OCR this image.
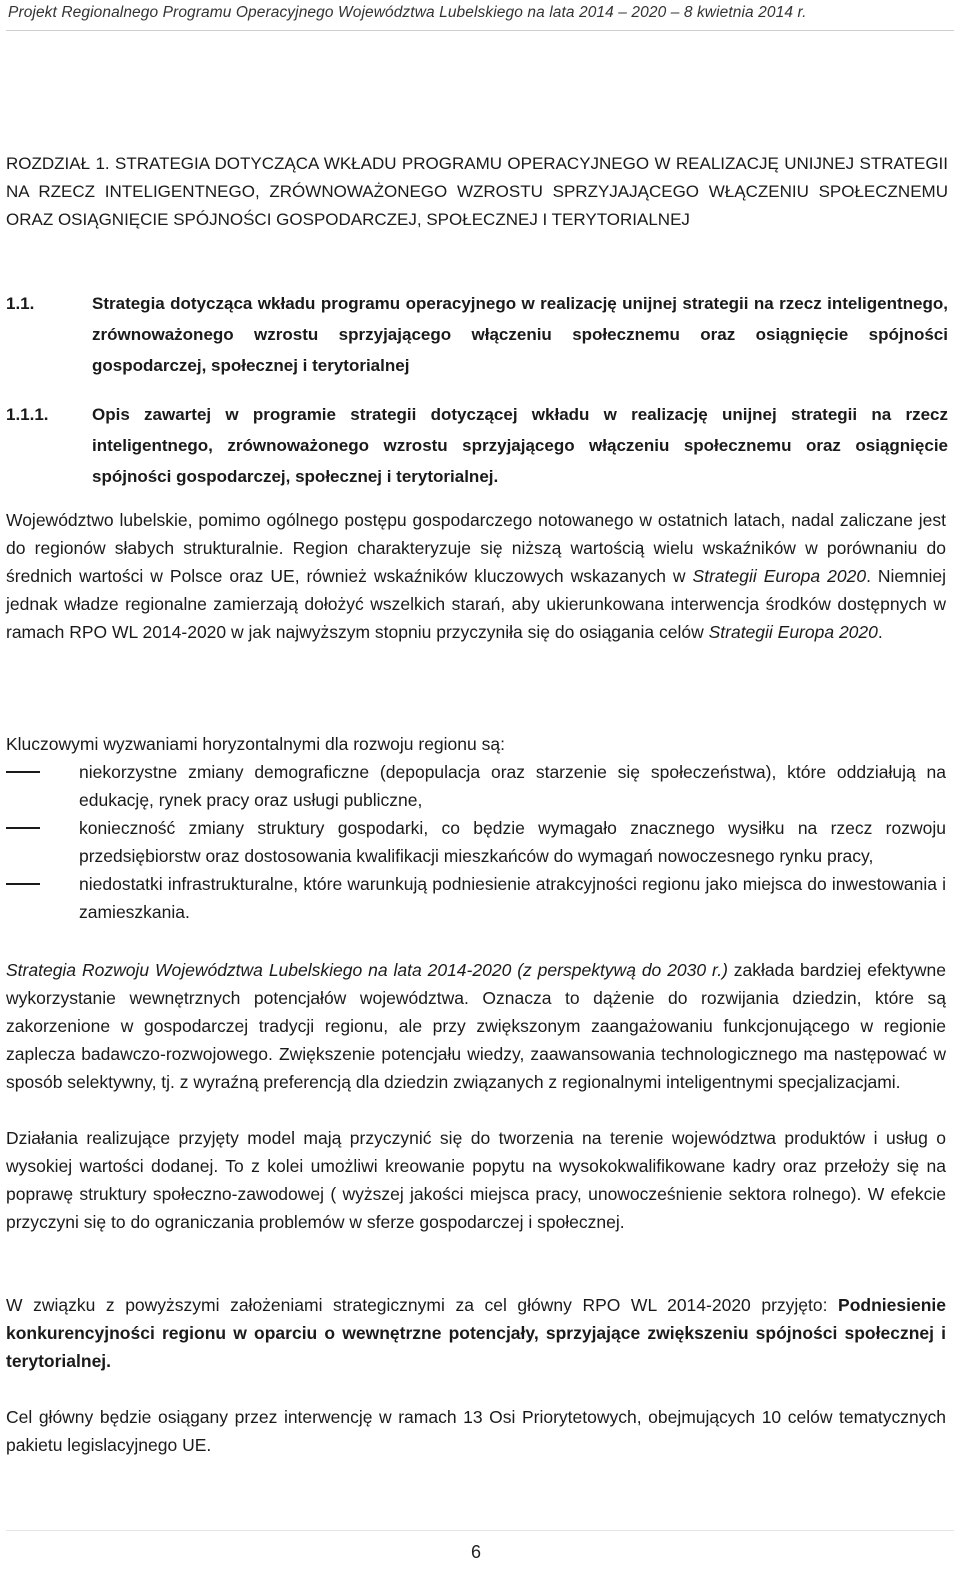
Projekt Regionalnego Programu Operacyjnego Województwa Lubelskiego na lata 2014 – 2020 – 8 kwietnia 2014 r.
ROZDZIAŁ 1. STRATEGIA DOTYCZĄCA WKŁADU PROGRAMU OPERACYJNEGO W REALIZACJĘ UNIJNEJ STRATEGII NA RZECZ INTELIGENTNEGO, ZRÓWNOWAŻONEGO WZROSTU SPRZYJAJĄCEGO WŁĄCZENIU SPOŁECZNEMU ORAZ OSIĄGNIĘCIE SPÓJNOŚCI GOSPODARCZEJ, SPOŁECZNEJ I TERYTORIALNEJ
1.1.	Strategia dotycząca wkładu programu operacyjnego w realizację unijnej strategii na rzecz inteligentnego, zrównoważonego wzrostu sprzyjającego włączeniu społecznemu oraz osiągnięcie spójności gospodarczej, społecznej i terytorialnej
1.1.1.	Opis zawartej w programie strategii dotyczącej wkładu w realizację unijnej strategii na rzecz inteligentnego, zrównoważonego wzrostu sprzyjającego włączeniu społecznemu oraz osiągnięcie spójności gospodarczej, społecznej i terytorialnej.
Województwo lubelskie, pomimo ogólnego postępu gospodarczego notowanego w ostatnich latach, nadal zaliczane jest do regionów słabych strukturalnie. Region charakteryzuje się niższą wartością wielu wskaźników w porównaniu do średnich wartości w Polsce oraz UE, również wskaźników kluczowych wskazanych w Strategii Europa 2020. Niemniej jednak władze regionalne zamierzają dołożyć wszelkich starań, aby ukierunkowana interwencja środków dostępnych w ramach RPO WL 2014-2020 w jak najwyższym stopniu przyczyniła się do osiągania celów Strategii Europa 2020.
Kluczowymi wyzwaniami horyzontalnymi dla rozwoju regionu są:
niekorzystne zmiany demograficzne (depopulacja oraz starzenie się społeczeństwa), które oddziałują na edukację, rynek pracy oraz usługi publiczne,
konieczność zmiany struktury gospodarki, co będzie wymagało znacznego wysiłku na rzecz rozwoju przedsiębiorstw oraz dostosowania kwalifikacji mieszkańców do wymagań nowoczesnego rynku pracy,
niedostatki infrastrukturalne, które warunkują podniesienie atrakcyjności regionu jako miejsca do inwestowania i zamieszkania.
Strategia Rozwoju Województwa Lubelskiego na lata 2014-2020 (z perspektywą do 2030 r.) zakłada bardziej efektywne wykorzystanie wewnętrznych potencjałów województwa. Oznacza to dążenie do rozwijania dziedzin, które są zakorzenione w gospodarczej tradycji regionu, ale przy zwiększonym zaangażowaniu funkcjonującego w regionie zaplecza badawczo-rozwojowego. Zwiększenie potencjału wiedzy, zaawansowania technologicznego ma następować w sposób selektywny, tj. z wyraźną preferencją dla dziedzin związanych z regionalnymi inteligentnymi specjalizacjami.
Działania realizujące przyjęty model mają przyczynić się do tworzenia na terenie województwa produktów i usług o wysokiej wartości dodanej. To z kolei umożliwi kreowanie popytu na wysokokwalifikowane kadry oraz przełoży się na poprawę struktury społeczno-zawodowej ( wyższej jakości miejsca pracy, unowocześnienie sektora rolnego). W efekcie przyczyni się to do ograniczania problemów w sferze gospodarczej i społecznej.
W związku z powyższymi założeniami strategicznymi za cel główny RPO WL 2014-2020 przyjęto: Podniesienie konkurencyjności regionu w oparciu o wewnętrzne potencjały, sprzyjające zwiększeniu spójności społecznej i terytorialnej.
Cel główny będzie osiągany przez interwencję w ramach 13 Osi Priorytetowych, obejmujących 10 celów tematycznych pakietu legislacyjnego UE.
6
